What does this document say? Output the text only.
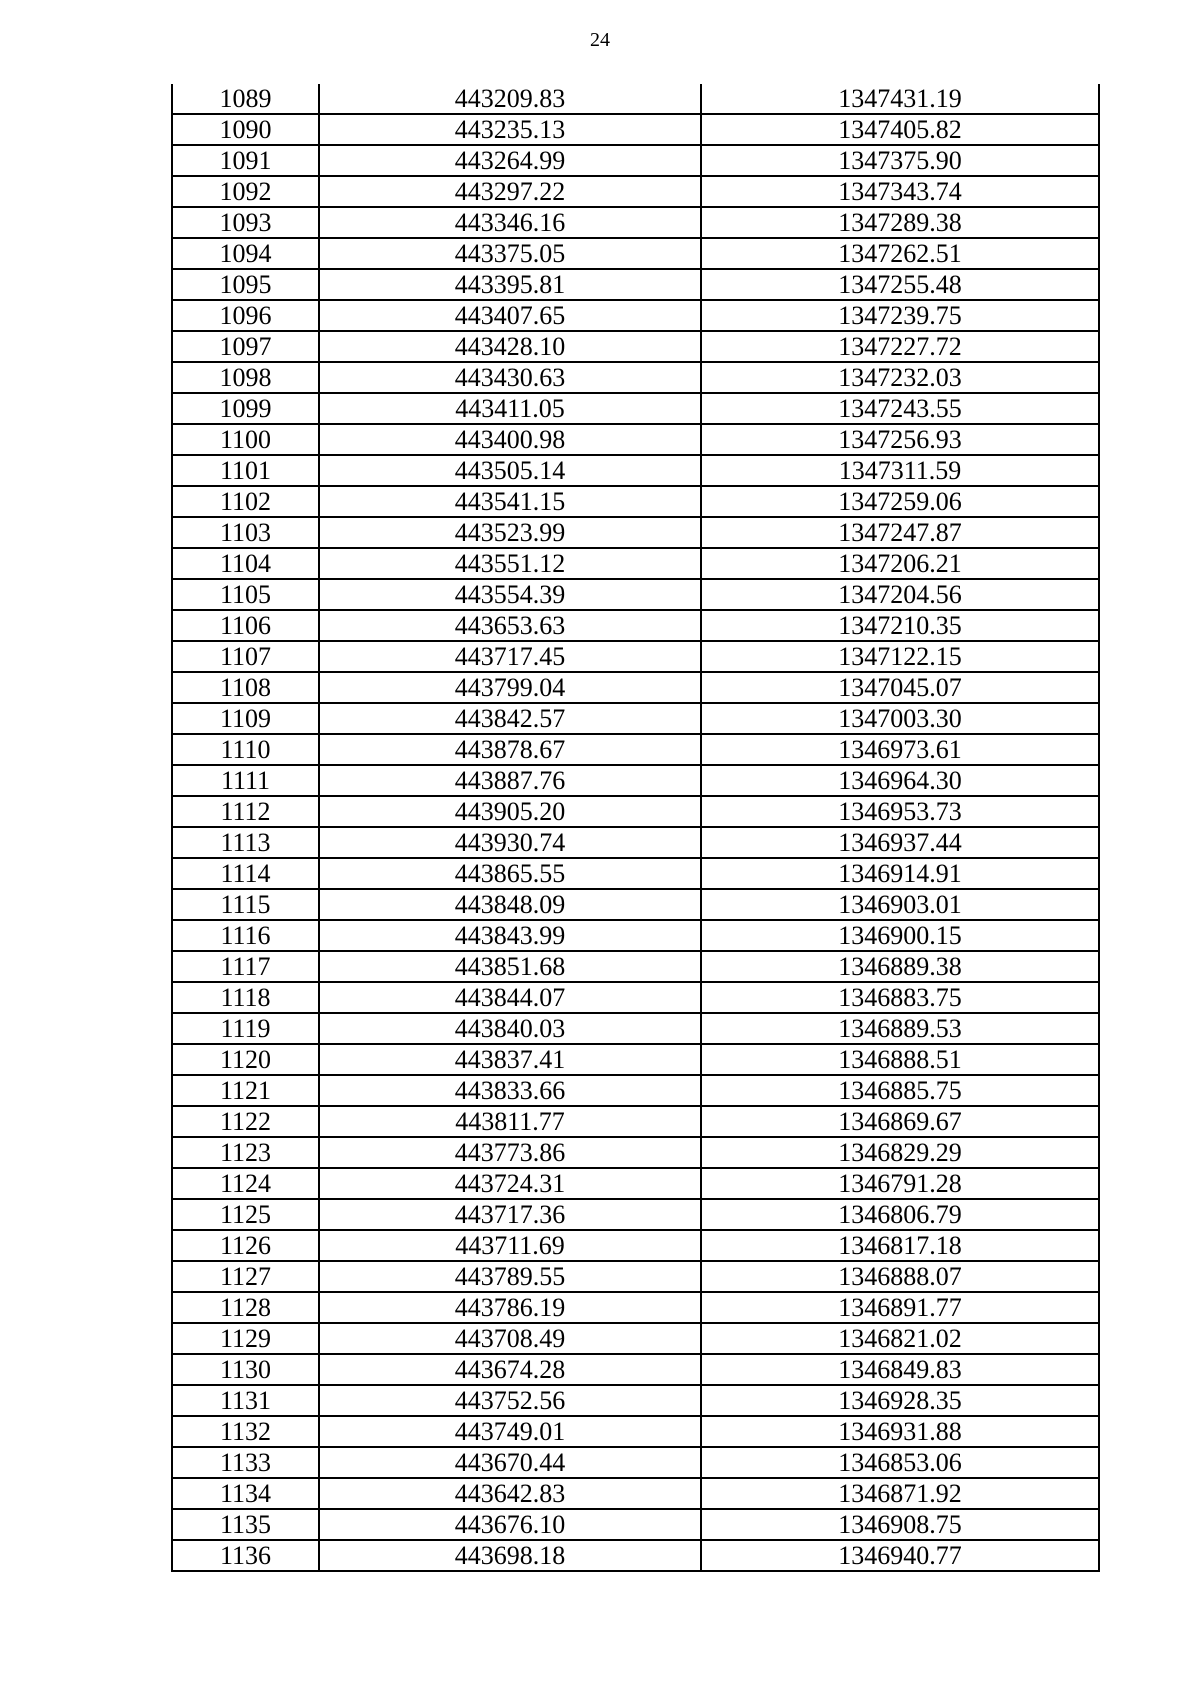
24
1089	443209.83	1347431.19
1090	443235.13	1347405.82
1091	443264.99	1347375.90
1092	443297.22	1347343.74
1093	443346.16	1347289.38
1094	443375.05	1347262.51
1095	443395.81	1347255.48
1096	443407.65	1347239.75
1097	443428.10	1347227.72
1098	443430.63	1347232.03
1099	443411.05	1347243.55
1100	443400.98	1347256.93
1101	443505.14	1347311.59
1102	443541.15	1347259.06
1103	443523.99	1347247.87
1104	443551.12	1347206.21
1105	443554.39	1347204.56
1106	443653.63	1347210.35
1107	443717.45	1347122.15
1108	443799.04	1347045.07
1109	443842.57	1347003.30
1110	443878.67	1346973.61
1111	443887.76	1346964.30
1112	443905.20	1346953.73
1113	443930.74	1346937.44
1114	443865.55	1346914.91
1115	443848.09	1346903.01
1116	443843.99	1346900.15
1117	443851.68	1346889.38
1118	443844.07	1346883.75
1119	443840.03	1346889.53
1120	443837.41	1346888.51
1121	443833.66	1346885.75
1122	443811.77	1346869.67
1123	443773.86	1346829.29
1124	443724.31	1346791.28
1125	443717.36	1346806.79
1126	443711.69	1346817.18
1127	443789.55	1346888.07
1128	443786.19	1346891.77
1129	443708.49	1346821.02
1130	443674.28	1346849.83
1131	443752.56	1346928.35
1132	443749.01	1346931.88
1133	443670.44	1346853.06
1134	443642.83	1346871.92
1135	443676.10	1346908.75
1136	443698.18	1346940.77
